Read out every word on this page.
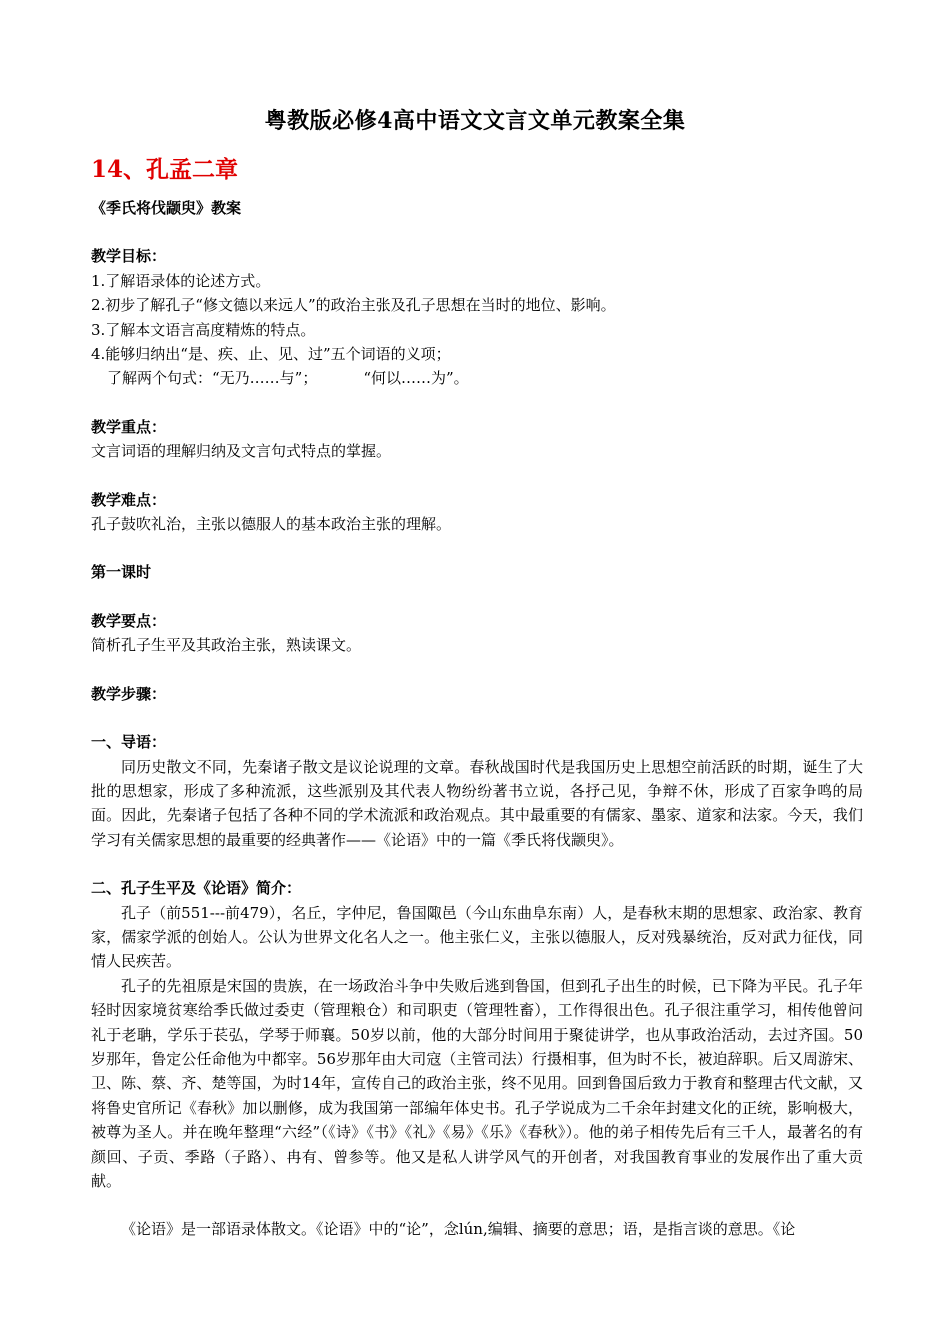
粤教版必修4高中语文文言文单元教案全集
14、孔孟二章

《季氏将伐颛臾》教案

教学目标：

1.了解语录体的论述方式。

2.初步了解孔子“修文德以来远人”的政治主张及孔子思想在当时的地位、影响。

3.了解本文语言高度精炼的特点。

4.能够归纳出“是、疾、止、见、过”五个词语的义项；

了解两个句式：“无乃……与”；	“何以……为”。

教学重点：

文言词语的理解归纳及文言句式特点的掌握。

教学难点：

孔子鼓吹礼治，主张以德服人的基本政治主张的理解。

第一课时

教学要点：

简析孔子生平及其政治主张，熟读课文。

教学步骤：

一、导语：

同历史散文不同，先秦诸子散文是议论说理的文章。春秋战国时代是我国历史上思想空前活跃的时期，诞生了大批的思想家，形成了多种流派，这些派别及其代表人物纷纷著书立说，各抒己见，争辩不休，形成了百家争鸣的局面。因此，先秦诸子包括了各种不同的学术流派和政治观点。其中最重要的有儒家、墨家、道家和法家。今天，我们学习有关儒家思想的最重要的经典著作——《论语》中的一篇《季氏将伐颛臾》。

二、孔子生平及《论语》简介：

孔子（前551---前479），名丘，字仲尼，鲁国陬邑（今山东曲阜东南）人，是春秋末期的思想家、政治家、教育家，儒家学派的创始人。公认为世界文化名人之一。他主张仁义，主张以德服人，反对残暴统治，反对武力征伐，同情人民疾苦。

孔子的先祖原是宋国的贵族，在一场政治斗争中失败后逃到鲁国，但到孔子出生的时候，已下降为平民。孔子年轻时因家境贫寒给季氏做过委吏（管理粮仓）和司职吏（管理牲畜），工作得很出色。孔子很注重学习，相传他曾问礼于老聃，学乐于苌弘，学琴于师襄。50岁以前，他的大部分时间用于聚徒讲学，也从事政治活动，去过齐国。50岁那年，鲁定公任命他为中都宰。56岁那年由大司寇（主管司法）行摄相事，但为时不长，被迫辞职。后又周游宋、卫、陈、蔡、齐、楚等国，为时14年，宣传自己的政治主张，终不见用。回到鲁国后致力于教育和整理古代文献，又将鲁史官所记《春秋》加以删修，成为我国第一部编年体史书。孔子学说成为二千余年封建文化的正统，影响极大，被尊为圣人。并在晚年整理“六经”（《诗》《书》《礼》《易》《乐》《春秋》）。他的弟子相传先后有三千人，最著名的有颜回、子贡、季路（子路）、冉有、曾参等。他又是私人讲学风气的开创者，对我国教育事业的发展作出了重大贡献。

《论语》是一部语录体散文。《论语》中的“论”，念lún,编辑、摘要的意思；语，是指言谈的意思。《论
